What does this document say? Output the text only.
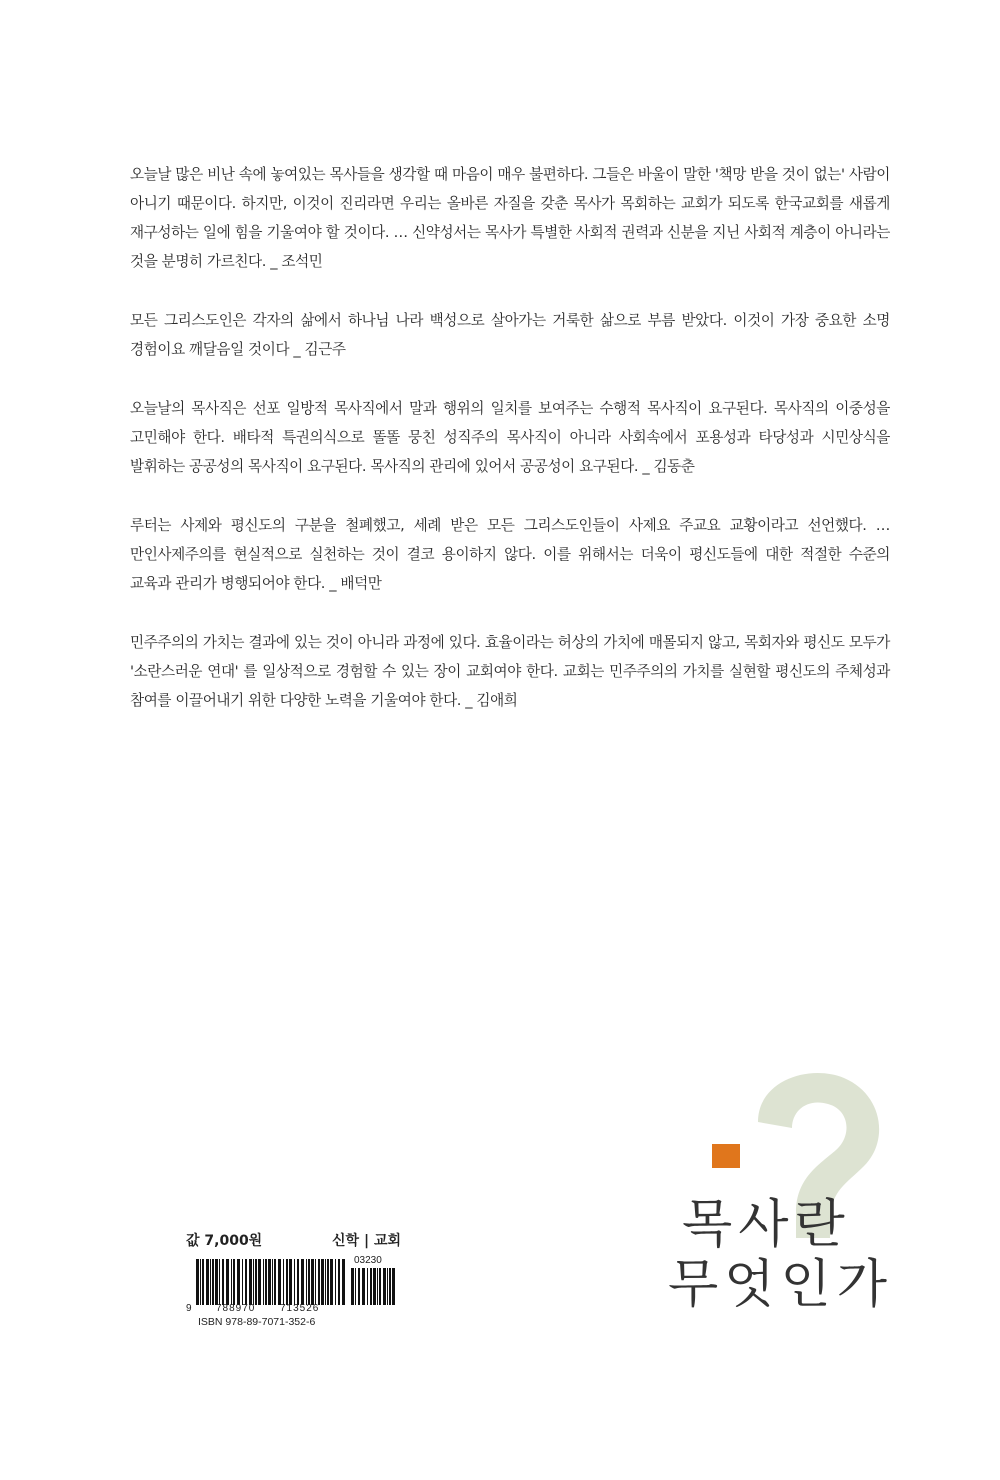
오늘날 많은 비난 속에 놓여있는 목사들을 생각할 때 마음이 매우 불편하다. 그들은 바울이 말한 '책망 받을 것이 없는' 사람이 아니기 때문이다. 하지만, 이것이 진리라면 우리는 올바른 자질을 갖춘 목사가 목회하는 교회가 되도록 한국교회를 새롭게 재구성하는 일에 힘을 기울여야 할 것이다. … 신약성서는 목사가 특별한 사회적 권력과 신분을 지닌 사회적 계층이 아니라는 것을 분명히 가르친다. _ 조석민

모든 그리스도인은 각자의 삶에서 하나님 나라 백성으로 살아가는 거룩한 삶으로 부름 받았다. 이것이 가장 중요한 소명 경험이요 깨달음일 것이다 _ 김근주

오늘날의 목사직은 선포 일방적 목사직에서 말과 행위의 일치를 보여주는 수행적 목사직이 요구된다. 목사직의 이중성을 고민해야 한다. 배타적 특권의식으로 똘똘 뭉친 성직주의 목사직이 아니라 사회속에서 포용성과 타당성과 시민상식을 발휘하는 공공성의 목사직이 요구된다. 목사직의 관리에 있어서 공공성이 요구된다. _ 김동춘

루터는 사제와 평신도의 구분을 철폐했고, 세례 받은 모든 그리스도인들이 사제요 주교요 교황이라고 선언했다. … 만인사제주의를 현실적으로 실천하는 것이 결코 용이하지 않다. 이를 위해서는 더욱이 평신도들에 대한 적절한 수준의 교육과 관리가 병행되어야 한다. _ 배덕만

민주주의의 가치는 결과에 있는 것이 아니라 과정에 있다. 효율이라는 허상의 가치에 매몰되지 않고, 목회자와 평신도 모두가 '소란스러운 연대' 를 일상적으로 경험할 수 있는 장이 교회여야 한다. 교회는 민주주의의 가치를 실현할 평신도의 주체성과 참여를 이끌어내기 위한 다양한 노력을 기울여야 한다. _ 김애희

값 7,000원	신학 | 교회
03230
9 788970 713526
ISBN 978-89-7071-352-6
목사란
무엇인가
